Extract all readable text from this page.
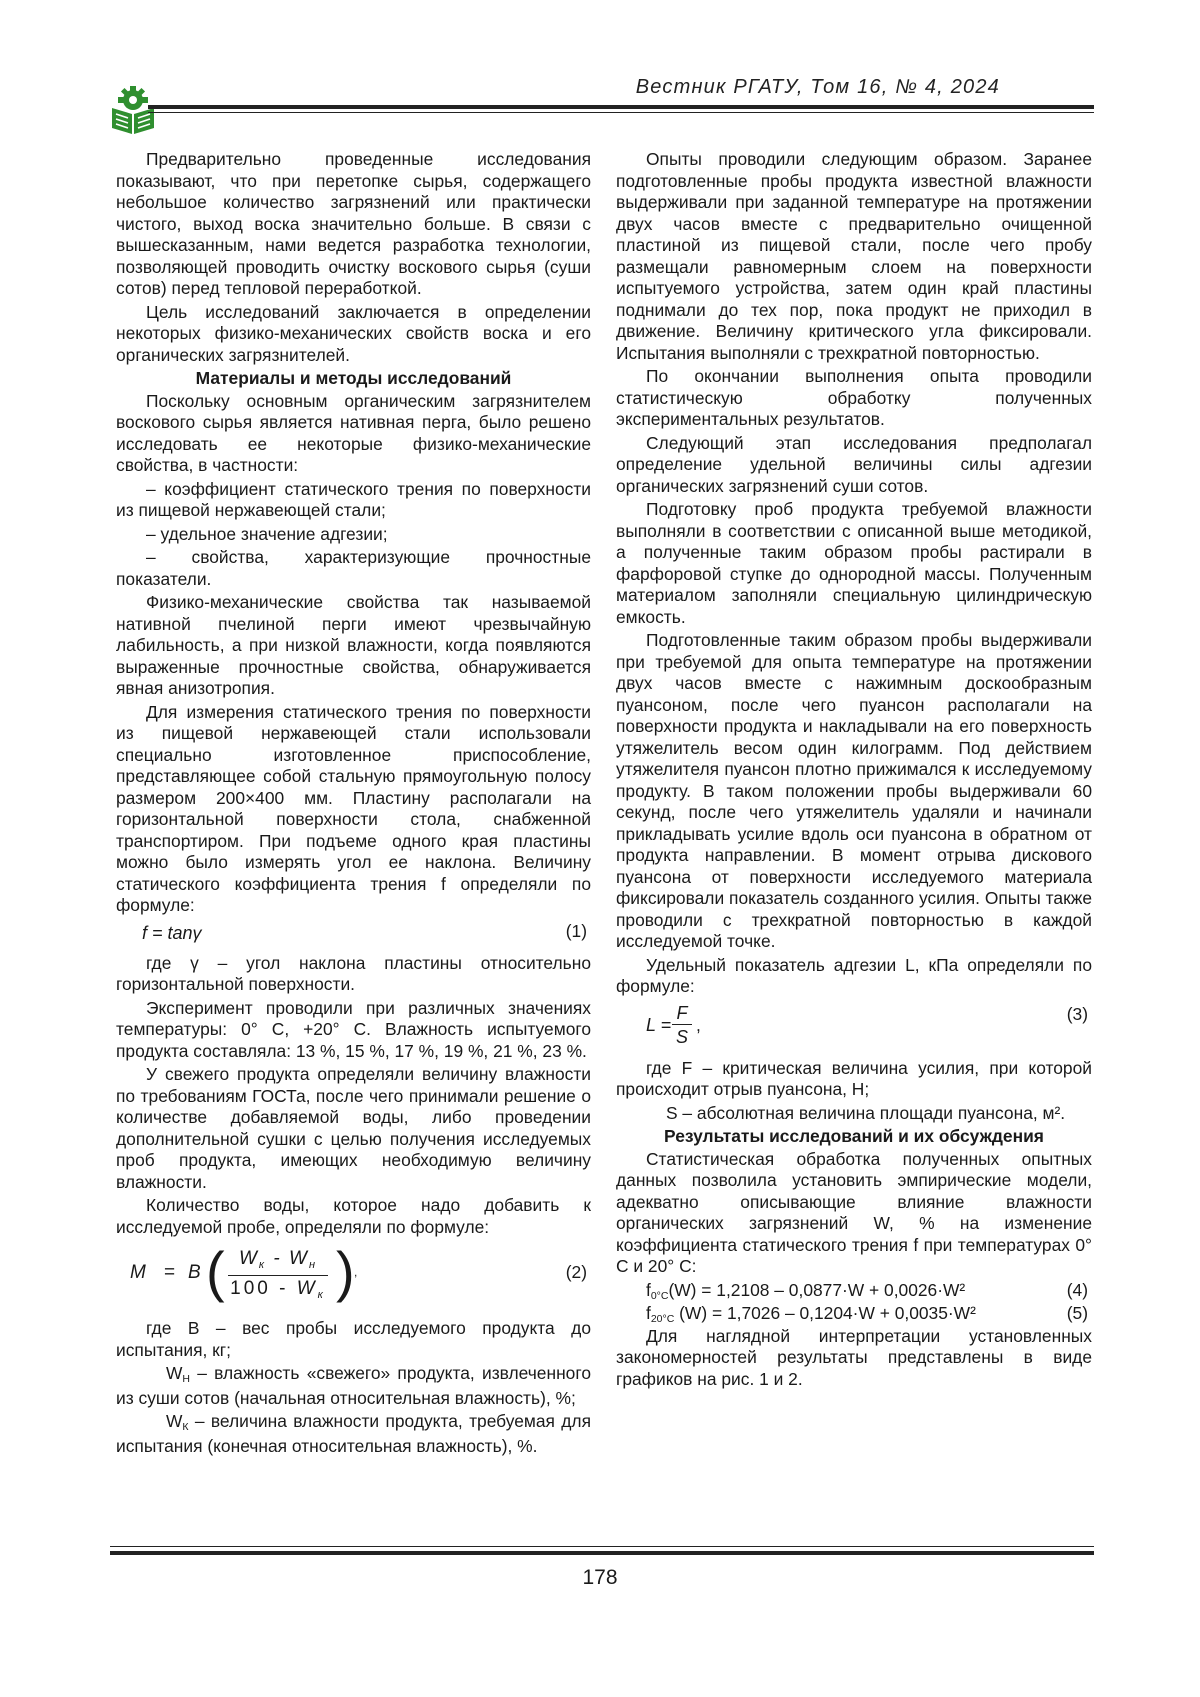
Вестник РГАТУ, Том 16, № 4, 2024

Предварительно проведенные исследования показывают, что при перетопке сырья, содержащего небольшое количество загрязнений или практически чистого, выход воска значительно больше. В связи с вышесказанным, нами ведется разработка технологии, позволяющей проводить очистку воскового сырья (суши сотов) перед тепловой переработкой.

Цель исследований заключается в определении некоторых физико-механических свойств воска и его органических загрязнителей.

Материалы и методы исследований

Поскольку основным органическим загрязнителем воскового сырья является нативная перга, было решено исследовать ее некоторые физико-механические свойства, в частности:

– коэффициент статического трения по поверхности из пищевой нержавеющей стали;

– удельное значение адгезии;

– свойства, характеризующие прочностные показатели.

Физико-механические свойства так называемой нативной пчелиной перги имеют чрезвычайную лабильность, а при низкой влажности, когда появляются выраженные прочностные свойства, обнаруживается явная анизотропия.

Для измерения статического трения по поверхности из пищевой нержавеющей стали использовали специально изготовленное приспособление, представляющее собой стальную прямоугольную полосу размером 200×400 мм. Пластину располагали на горизонтальной поверхности стола, снабженной транспортиром. При подъеме одного края пластины можно было измерять угол ее наклона. Величину статического коэффициента трения f определяли по формуле:

f = tanγ	(1)

где γ – угол наклона пластины относительно горизонтальной поверхности.

Эксперимент проводили при различных значениях температуры: 0° С, +20° С. Влажность испытуемого продукта составляла: 13 %, 15 %, 17 %, 19 %, 21 %, 23 %.

У свежего продукта определяли величину влажности по требованиям ГОСТа, после чего принимали решение о количестве добавляемой воды, либо проведении дополнительной сушки с целью получения исследуемых проб продукта, имеющих необходимую величину влажности.

Количество воды, которое надо добавить к исследуемой пробе, определяли по формуле:

M = B ( Wк - Wн
100 - Wк ) ,	(2)

где В – вес пробы исследуемого продукта до испытания, кг;

WН – влажность «свежего» продукта, извлеченного из суши сотов (начальная относительная влажность), %;

WК – величина влажности продукта, требуемая для испытания (конечная относительная влажность), %.

Опыты проводили следующим образом. Заранее подготовленные пробы продукта известной влажности выдерживали при заданной температуре на протяжении двух часов вместе с предварительно очищенной пластиной из пищевой стали, после чего пробу размещали равномерным слоем на поверхности испытуемого устройства, затем один край пластины поднимали до тех пор, пока продукт не приходил в движение. Величину критического угла фиксировали. Испытания выполняли с трехкратной повторностью.

По окончании выполнения опыта проводили статистическую обработку полученных экспериментальных результатов.

Следующий этап исследования предполагал определение удельной величины силы адгезии органических загрязнений суши сотов.

Подготовку проб продукта требуемой влажности выполняли в соответствии с описанной выше методикой, а полученные таким образом пробы растирали в фарфоровой ступке до однородной массы. Полученным материалом заполняли специальную цилиндрическую емкость.

Подготовленные таким образом пробы выдерживали при требуемой для опыта температуре на протяжении двух часов вместе с нажимным доскообразным пуансоном, после чего пуансон располагали на поверхности продукта и накладывали на его поверхность утяжелитель весом один килограмм. Под действием утяжелителя пуансон плотно прижимался к исследуемому продукту. В таком положении пробы выдерживали 60 секунд, после чего утяжелитель удаляли и начинали прикладывать усилие вдоль оси пуансона в обратном от продукта направлении. В момент отрыва дискового пуансона от поверхности исследуемого материала фиксировали показатель созданного усилия. Опыты также проводили с трехкратной повторностью в каждой исследуемой точке.

Удельный показатель адгезии L, кПа определяли по формуле:

L =
F
S
,
(3)

где F – критическая величина усилия, при которой происходит отрыв пуансона, Н;

S – абсолютная величина площади пуансона, м².

Результаты исследований и их обсуждения

Статистическая обработка полученных опытных данных позволила установить эмпирические модели, адекватно описывающие влияние влажности органических загрязнений W, % на изменение коэффициента статического трения f при температурах 0° С и 20° С:

f0°С(W) = 1,2108 – 0,0877·W + 0,0026·W²	(4)
f20°С (W) = 1,7026 – 0,1204·W + 0,0035·W²	(5)

Для наглядной интерпретации установленных закономерностей результаты представлены в виде графиков на рис. 1 и 2.

178
